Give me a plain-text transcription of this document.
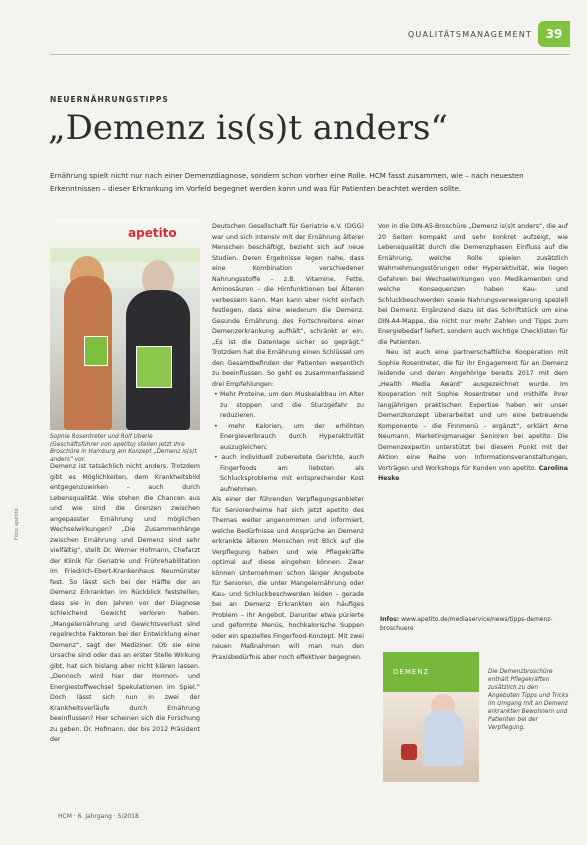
QUALITÄTSMANAGEMENT	39
NEUERNÄHRUNGSTIPPS
„Demenz is(s)t anders“
Ernährung spielt nicht nur nach einer Demenzdiagnose, sondern schon vorher eine Rolle. HCM fasst zusammen, wie – nach neuesten Erkenntnissen – dieser Erkrankung im Vorfeld begegnet werden kann und was für Patienten beachtet werden sollte.
apetito
Sophie Rosentreter und Rolf Uberle (Geschäftsführer von apetito) stellen jetzt ihre Broschüre in Hamburg am Konzept „Demenz is(s)t anders“ vor.

Demenz ist tatsächlich nicht anders. Trotzdem gibt es Möglichkeiten, dem Krankheitsbild entgegenzuwirken – auch durch Lebensqualität. Wie stehen die Chancen aus und wie sind die Grenzen zwischen angepasster Ernährung und möglichen Wechselwirkungen? „Die Zusammenhänge zwischen Ernährung und Demenz sind sehr vielfältig“, stellt Dr. Werner Hofmann, Chefarzt der Klinik für Geriatrie und Frührehabilitation im Friedrich-Ebert-Krankenhaus Neumünster fest. So lässt sich bei der Hälfte der an Demenz Erkrankten im Rückblick feststellen, dass sie in den Jahren vor der Diagnose schleichend Gewicht verloren haben. „Mangelernährung und Gewichtsverlust sind regelrechte Faktoren bei der Entwicklung einer Demenz“, sagt der Mediziner. Ob sie eine Ursache sind oder das an erster Stelle Wirkung gibt, hat sich bislang aber nicht klären lassen. „Dennoch wird hier der Hormon- und Energiestoffwechsel Spekulationen im Spiel.“ Doch lässt sich nun in zwei der Krankheitsverläufe durch Ernährung beeinflussen? Hier scheinen sich die Forschung zu geben. Dr. Hofmann, der bis 2012 Präsident der

Deutschen Gesellschaft für Geriatrie e.V. (DGG) war und sich intensiv mit der Ernährung älterer Menschen beschäftigt, bezieht sich auf neue Studien. Deren Ergebnisse legen nahe, dass eine Kombination verschiedener Nahrungsstoffe – z.B. Vitamine, Fette, Aminosäuren – die Hirnfunktionen bei Älteren verbessern kann. Man kann aber nicht einfach festlegen, dass eine wiederum die Demenz. Gesunde Ernährung des Fortschreitens einer Demenzerkrankung aufhält“, schränkt er ein. „Es ist die Datenlage sicher so geprägt.“ Trotzdem hat die Ernährung einen Schlüssel um den Gesamtbefinden der Patienten wesentlich zu beeinflussen. So geht es zusammenfassend drei Empfehlungen:

• Mehr Proteine, um den Muskelabbau im Alter zu stoppen und die Sturzgefahr zu reduzieren.

• mehr Kalorien, um der erhöhten Energieverbrauch durch Hyperaktivität auszugleichen;

• auch individuell zubereitete Gerichte, auch Fingerfoods am liebsten als Schlucksprobleme mit entsprechender Kost aufnehmen.

Als einer der führenden Verpflegungsanbieter für Seniorenheime hat sich jetzt apetito des Themas weiter angenommen und informiert, welche Bedürfnisse und Ansprüche an Demenz erkrankte älteren Menschen mit Blick auf die Verpflegung haben und wie Pflegekräfte optimal auf diese eingehen können. Zwar können Unternehmen schon länger Angebote für Senioren, die unter Mangelernährung oder Kau- und Schluckbeschwerden leiden – gerade bei an Demenz Erkrankten ein häufiges Problem – ihr Angebot. Darunter etwa pürierte und geformte Menüs, hochkalorische Suppen oder ein spezielles Fingerfood-Konzept. Mit zwei neuen Maßnahmen will man nun den Praxisbedürfnis aber noch effektiver begegnen.

Von in die DIN-A5-Broschüre „Demenz is(s)t anders“, die auf 20 Seiten kompakt und sehr konkret aufzeigt, wie Lebensqualität durch die Demenzphasen Einfluss auf die Ernährung, welche Rolle spielen zusätzlich Wahrnehmungsstörungen oder Hyperaktivität, wie liegen Gefahren bei Wechselwirkungen von Medikamenten und welche Konsequenzen haben Kau- und Schluckbeschwerden sowie Nahrungsverweigerung speziell bei Demenz. Ergänzend dazu ist das Schriftstück um eine DIN-A4-Mappe, die nicht nur mehr Zahlen und Tipps zum Energiebedarf liefert, sondern auch wichtige Checklisten für die Patienten.

Neu ist auch eine partnerschaftliche Kooperation mit Sophie Rosentreter, die für ihr Engagement für an Demenz leidende und deren Angehörige bereits 2017 mit dem „Health Media Award“ ausgezeichnet wurde. Im Kooperation mit Sophie Rosentreter und mithilfe ihrer langjährigen praktischen Expertise haben wir unser Demenzkonzept überarbeitet und um eine betreuende Komponente – die Finnmenü – ergänzt“, erklärt Arne Neumann, Marketingmanager Senioren bei apetito. Die Demenzexpertin unterstützt bei diesem Punkt mit der Aktion eine Reihe von Informationsveranstaltungen, Vorträgen und Workshops für Kunden von apetito. Carolina Heske

Infos: www.apetito.de/mediaservice/news/tipps-demenz-broschuere
DEMENZ	Die Demenzbroschüre enthält Pflegekräften zusätzlich zu den Angeboten Tipps und Tricks im Umgang mit an Demenz erkrankten Bewohnern und Patienten bei der Verpflegung.
HCM · 6. Jahrgang · 5/2018
Foto: apetito
